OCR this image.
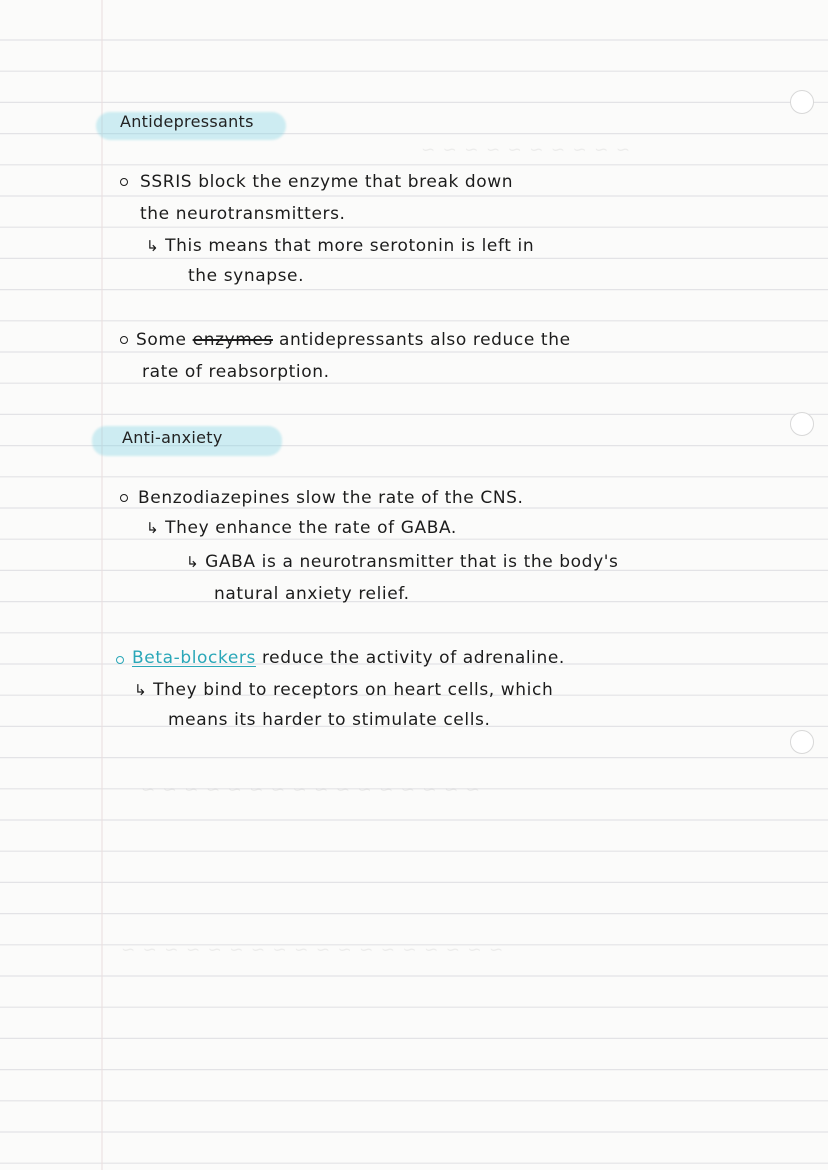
~ ~ ~ ~ ~ ~ ~ ~ ~ ~
~ ~ ~ ~ ~ ~ ~ ~ ~ ~ ~ ~ ~ ~ ~ ~
~ ~ ~ ~ ~ ~ ~ ~ ~ ~ ~ ~ ~ ~ ~ ~ ~ ~
Antidepressants
SSRIS block the enzyme that break down
the neurotransmitters.
↳ This means that more serotonin is left in
the synapse.
Some enzymes antidepressants also reduce the
rate of reabsorption.
Anti-anxiety
Benzodiazepines slow the rate of the CNS.
↳ They enhance the rate of GABA.
↳ GABA is a neurotransmitter that is the body's
natural anxiety relief.
Beta-blockers reduce the activity of adrenaline.
↳ They bind to receptors on heart cells, which
means its harder to stimulate cells.
